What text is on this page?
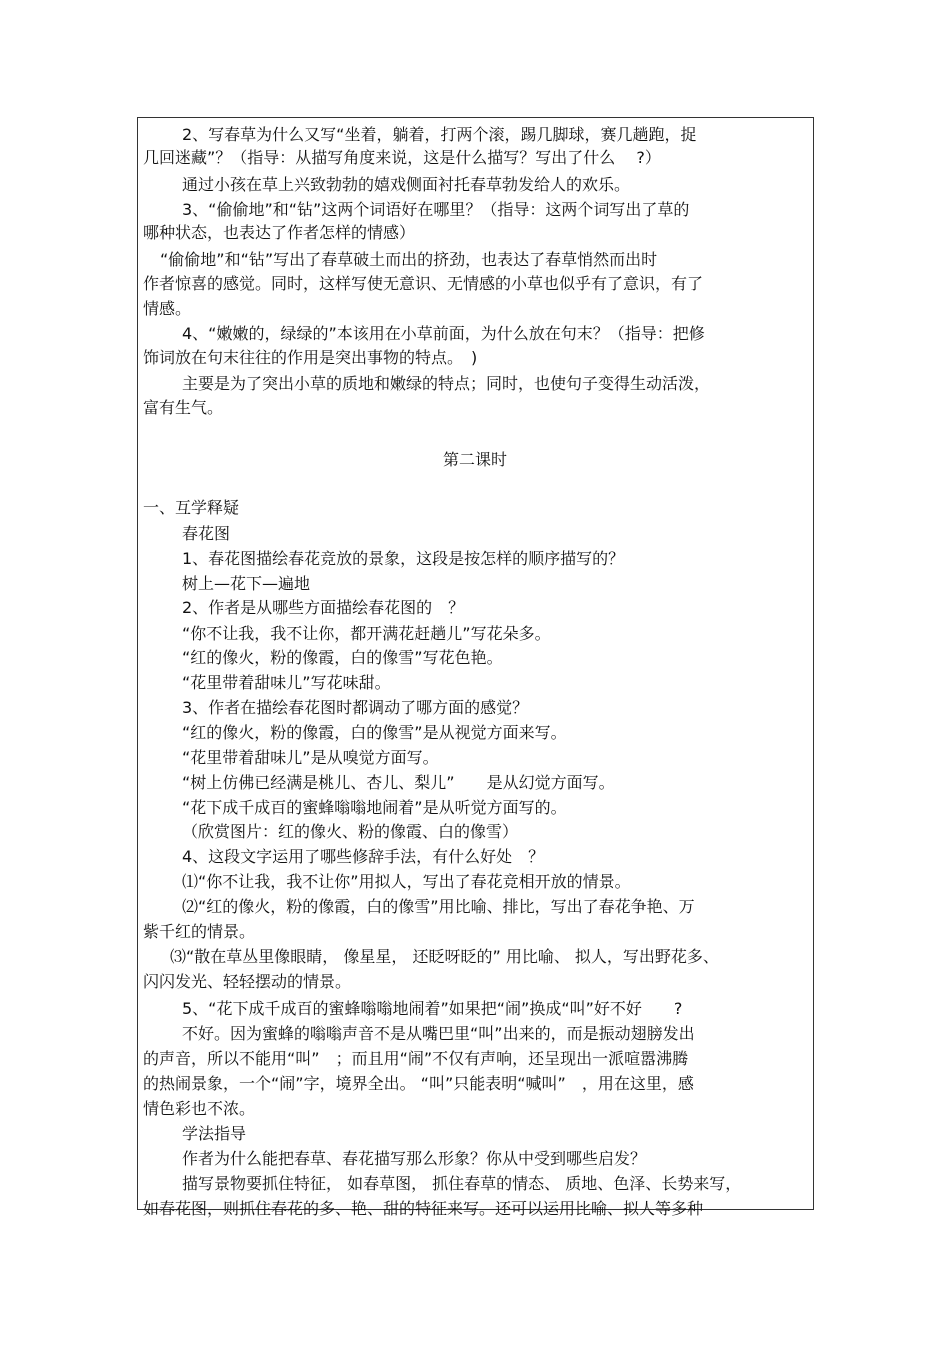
2、写春草为什么又写“坐着，躺着，打两个滚，踢几脚球，赛几趟跑，捉
几回迷藏”？（指导：从描写角度来说，这是什么描写？写出了什么　 ?）
通过小孩在草上兴致勃勃的嬉戏侧面衬托春草勃发给人的欢乐。
3、“偷偷地”和“钻”这两个词语好在哪里？（指导：这两个词写出了草的
哪种状态，也表达了作者怎样的情感）
“偷偷地”和“钻”写出了春草破土而出的挤劲，也表达了春草悄然而出时
作者惊喜的感觉。同时，这样写使无意识、无情感的小草也似乎有了意识，有了
情感。
4、“嫩嫩的，绿绿的”本该用在小草前面，为什么放在句末？（指导：把修
饰词放在句末往往的作用是突出事物的特点。　)
主要是为了突出小草的质地和嫩绿的特点；同时，也使句子变得生动活泼，
富有生气。
第二课时
一、互学释疑
春花图
1、春花图描绘春花竞放的景象，这段是按怎样的顺序描写的？
树上—花下—遍地
2、作者是从哪些方面描绘春花图的　？
“你不让我，我不让你，都开满花赶趟儿”写花朵多。
“红的像火，粉的像霞，白的像雪”写花色艳。
“花里带着甜味儿”写花味甜。
3、作者在描绘春花图时都调动了哪方面的感觉？
“红的像火，粉的像霞，白的像雪”是从视觉方面来写。
“花里带着甜味儿”是从嗅觉方面写。
“树上仿佛已经满是桃儿、杏儿、梨儿”　　是从幻觉方面写。
“花下成千成百的蜜蜂嗡嗡地闹着”是从听觉方面写的。
（欣赏图片：红的像火、粉的像霞、白的像雪）
4、这段文字运用了哪些修辞手法，有什么好处　？
⑴“你不让我，我不让你”用拟人，写出了春花竞相开放的情景。
⑵“红的像火，粉的像霞，白的像雪”用比喻、排比，写出了春花争艳、万
紫千红的情景。
⑶“散在草丛里像眼睛， 像星星， 还眨呀眨的” 用比喻、 拟人，写出野花多、
闪闪发光、轻轻摆动的情景。
5、“花下成千成百的蜜蜂嗡嗡地闹着”如果把“闹”换成“叫”好不好　　?
不好。因为蜜蜂的嗡嗡声音不是从嘴巴里“叫”出来的，而是振动翅膀发出
的声音，所以不能用“叫”　；而且用“闹”不仅有声响，还呈现出一派喧嚣沸腾
的热闹景象，一个“闹”字，境界全出。 “叫”只能表明“喊叫”　，用在这里，感
情色彩也不浓。
学法指导
作者为什么能把春草、春花描写那么形象？你从中受到哪些启发？
描写景物要抓住特征， 如春草图， 抓住春草的情态、 质地、色泽、长势来写，
如春花图，则抓住春花的多、艳、甜的特征来写。还可以运用比喻、拟人等多种
